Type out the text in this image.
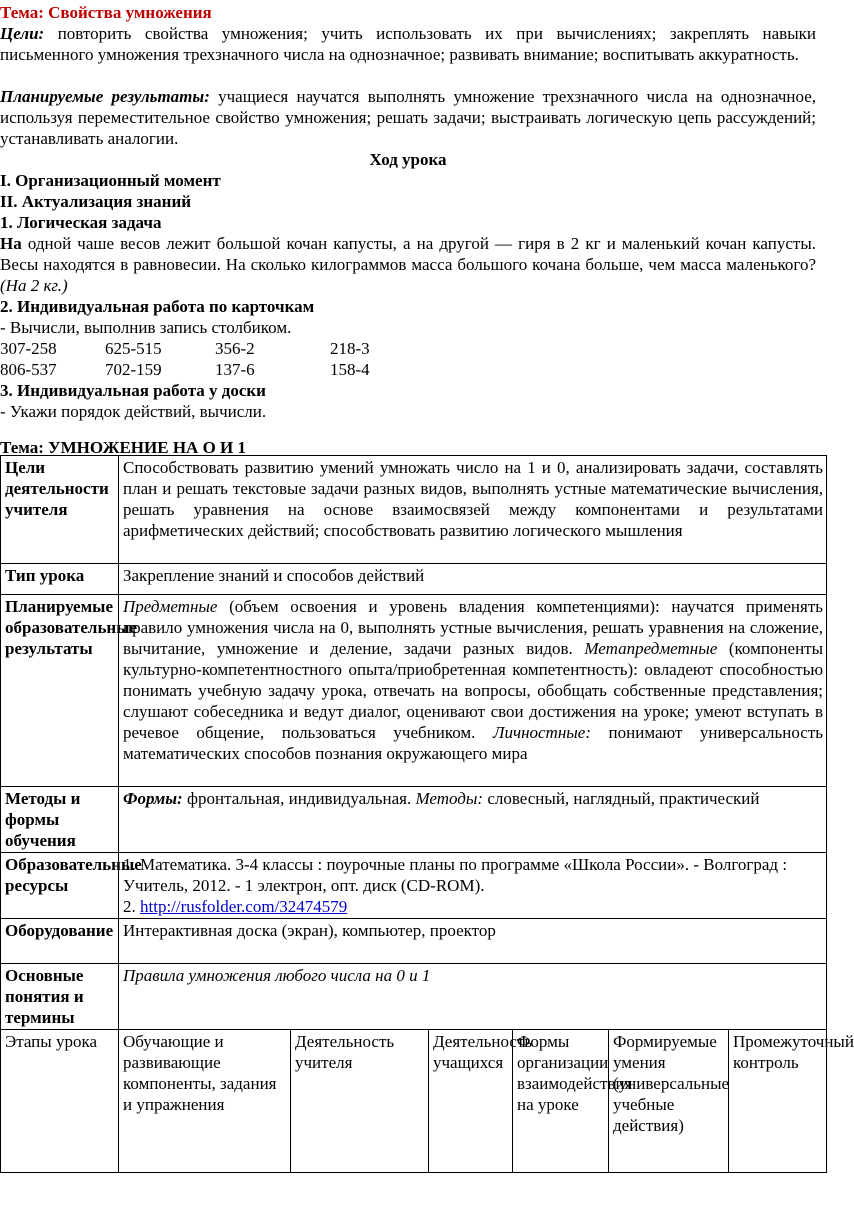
Тема: Свойства умножения

Цели: повторить свойства умножения; учить использовать их при вычислениях; закреплять навыки письменного умножения трехзначного числа на однозначное; развивать внимание; воспитывать аккуратность.

Планируемые результаты: учащиеся научатся выполнять умножение трехзначного числа на однозначное, используя переместительное свойство умножения; решать задачи; выстраивать логическую цепь рассуждений; устанавливать аналогии.

Ход урока

I. Организационный момент

II. Актуализация знаний

1. Логическая задача

На одной чаше весов лежит большой кочан капусты, а на другой — гиря в 2 кг и маленький кочан капусты. Весы находятся в равновесии. На сколько килограммов масса большого кочана больше, чем масса маленького? (На 2 кг.)

2. Индивидуальная работа по карточкам

- Вычисли, выполнив запись столбиком.

307-258	625-515	356-2	218-3
806-537	702-159	137-6	158-4

3. Индивидуальная работа у доски

- Укажи порядок действий, вычисли.

Тема: УМНОЖЕНИЕ НА О И 1

Цели деятельности учителя	Способствовать развитию умений умножать число на 1 и 0, анализировать задачи, составлять план и решать текстовые задачи разных видов, выполнять устные математические вычисления, решать уравнения на основе взаимосвязей между компонентами и результатами арифметических действий; способствовать развитию логического мышления					
Тип урока	Закрепление знаний и способов действий					
Планируемые образовательные результаты	Предметные (объем освоения и уровень владения компетенциями): научатся применять правило умножения числа на 0, выполнять устные вычисления, решать уравнения на сложение, вычитание, умножение и деление, задачи разных видов. Метапредметные (компоненты культурно-компетентностного опыта/приобретенная компетентность): овладеют способностью понимать учебную задачу урока, отвечать на вопросы, обобщать собственные представления; слушают собеседника и ведут диалог, оценивают свои достижения на уроке; умеют вступать в речевое общение, пользоваться учебником. Личностные: понимают универсальность математических способов познания окружающего мира					
Методы и формы обучения	Формы: фронтальная, индивидуальная. Методы: словесный, наглядный, практический					
Образовательные ресурсы	1. Математика. 3-4 классы : поурочные планы по программе «Школа России». - Волгоград : Учитель, 2012. - 1 электрон, опт. диск (CD-ROM).
2. http://rusfolder.com/32474579					

Оборудование	Интерактивная доска (экран), компьютер, проектор					
Основные понятия и термины	Правила умножения любого числа на 0 и 1					
Этапы урока	Обучающие и развивающие компоненты, задания и упражнения	Деятельность учителя	Деятельность учащихся	Формы организации взаимодействия на уроке	Формируемые умения (универсальные учебные действия)	Промежуточный контроль
